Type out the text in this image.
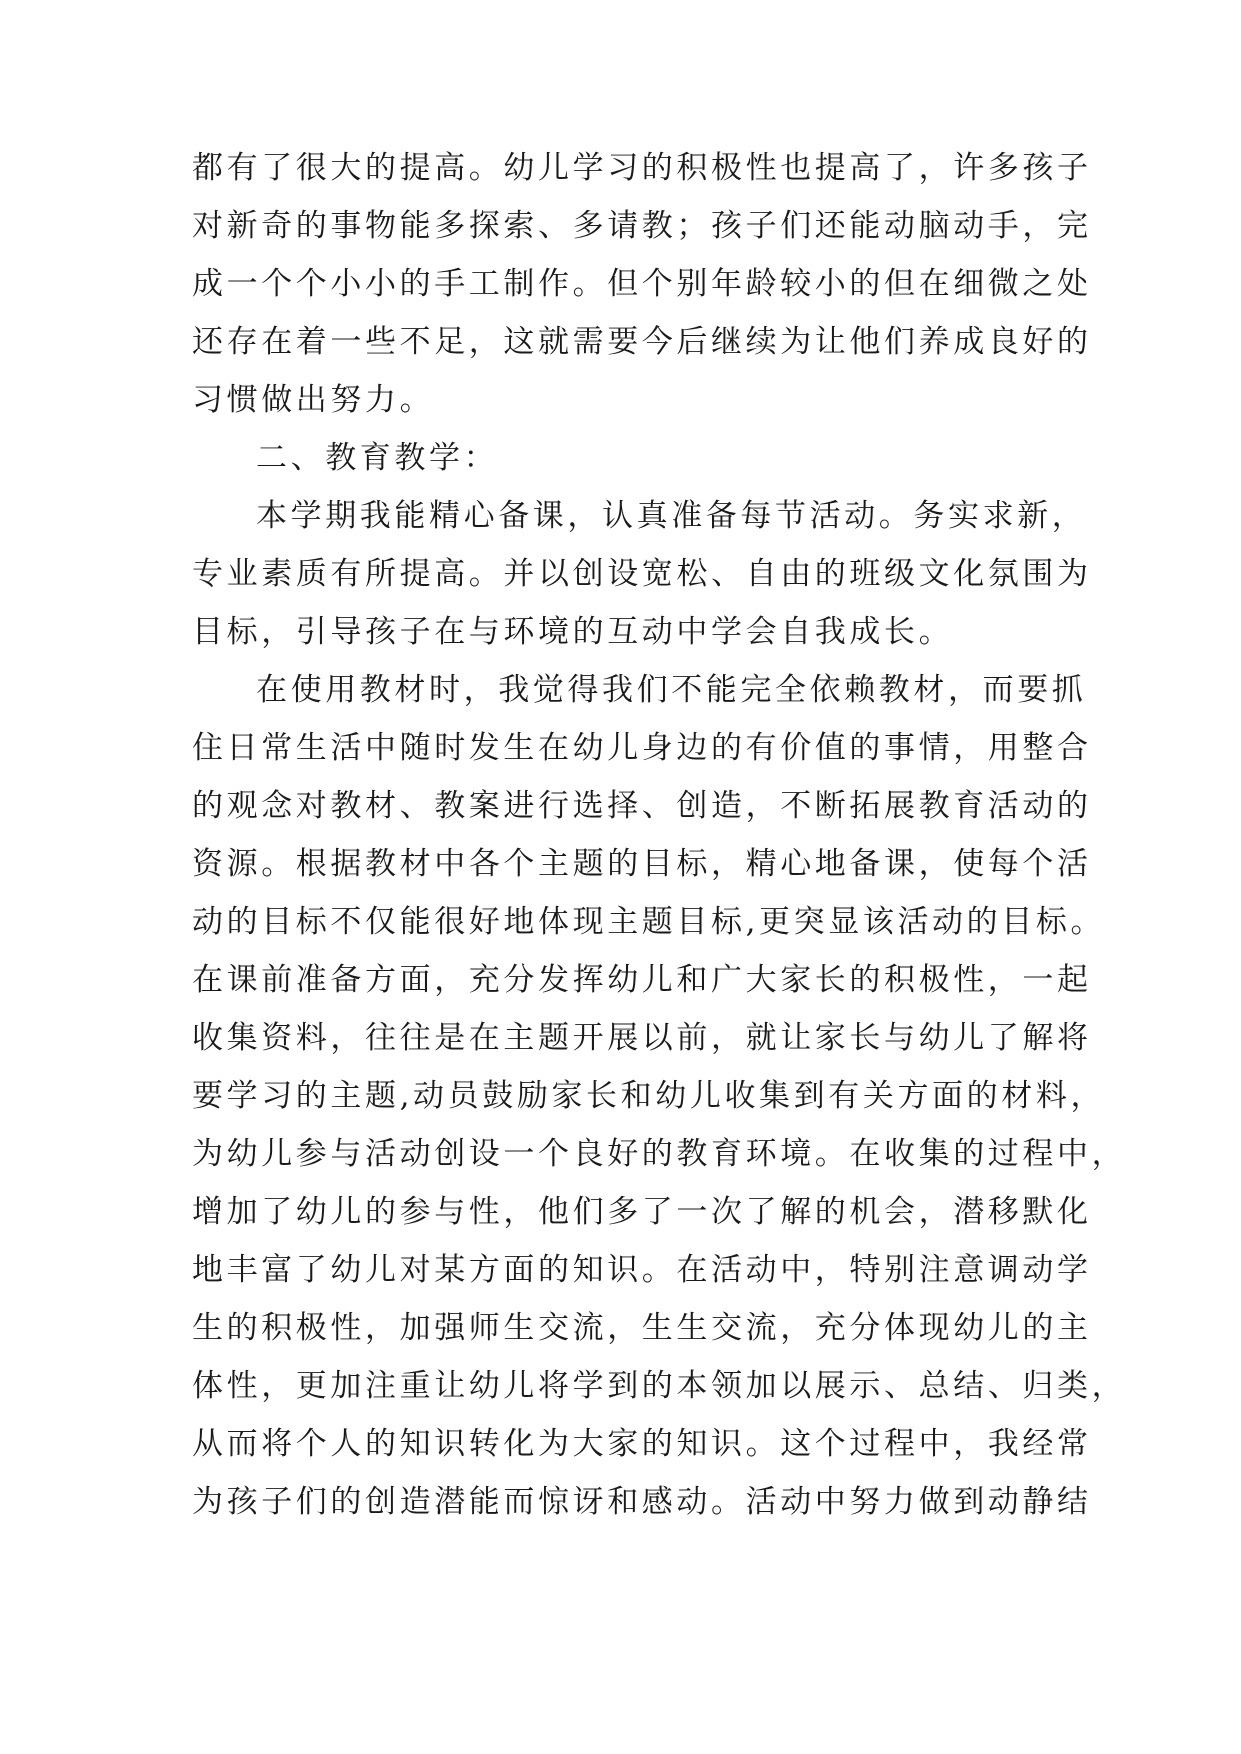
都有了很大的提高。幼儿学习的积极性也提高了，许多孩子
对新奇的事物能多探索、多请教；孩子们还能动脑动手，完
成一个个小小的手工制作。但个别年龄较小的但在细微之处
还存在着一些不足，这就需要今后继续为让他们养成良好的
习惯做出努力。
二、教育教学：
本学期我能精心备课，认真准备每节活动。务实求新，
专业素质有所提高。并以创设宽松、自由的班级文化氛围为
目标，引导孩子在与环境的互动中学会自我成长。
在使用教材时，我觉得我们不能完全依赖教材，而要抓
住日常生活中随时发生在幼儿身边的有价值的事情，用整合
的观念对教材、教案进行选择、创造，不断拓展教育活动的
资源。根据教材中各个主题的目标，精心地备课，使每个活
动的目标不仅能很好地体现主题目标,更突显该活动的目标。
在课前准备方面，充分发挥幼儿和广大家长的积极性，一起
收集资料，往往是在主题开展以前，就让家长与幼儿了解将
要学习的主题,动员鼓励家长和幼儿收集到有关方面的材料，
为幼儿参与活动创设一个良好的教育环境。在收集的过程中，
增加了幼儿的参与性，他们多了一次了解的机会，潜移默化
地丰富了幼儿对某方面的知识。在活动中，特别注意调动学
生的积极性，加强师生交流，生生交流，充分体现幼儿的主
体性，更加注重让幼儿将学到的本领加以展示、总结、归类，
从而将个人的知识转化为大家的知识。这个过程中，我经常
为孩子们的创造潜能而惊讶和感动。活动中努力做到动静结
